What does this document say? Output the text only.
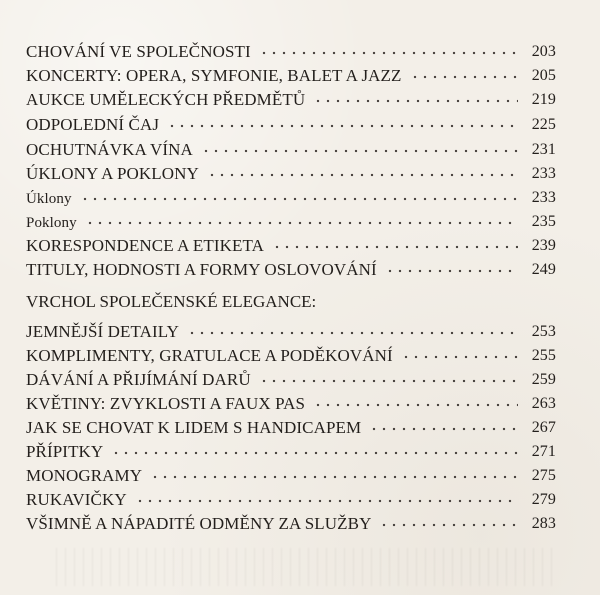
CHOVÁNÍ VE SPOLEČNOSTI	203
KONCERTY: OPERA, SYMFONIE, BALET A JAZZ	205
AUKCE UMĚLECKÝCH PŘEDMĚTŮ	219
ODPOLEDNÍ ČAJ	225
OCHUTNÁVKA VÍNA	231
ÚKLONY A POKLONY	233
Úklony	233
Poklony	235
KORESPONDENCE A ETIKETA	239
TITULY, HODNOSTI A FORMY OSLOVOVÁNÍ	249
VRCHOL SPOLEČENSKÉ ELEGANCE:
JEMNĚJŠÍ DETAILY	253
KOMPLIMENTY, GRATULACE A PODĚKOVÁNÍ	255
DÁVÁNÍ A PŘIJÍMÁNÍ DARŮ	259
KVĚTINY: ZVYKLOSTI A FAUX PAS	263
JAK SE CHOVAT K LIDEM S HANDICAPEM	267
PŘÍPITKY	271
MONOGRAMY	275
RUKAVIČKY	279
VŠIMNĚ A NÁPADITÉ ODMĚNY ZA SLUŽBY	283
